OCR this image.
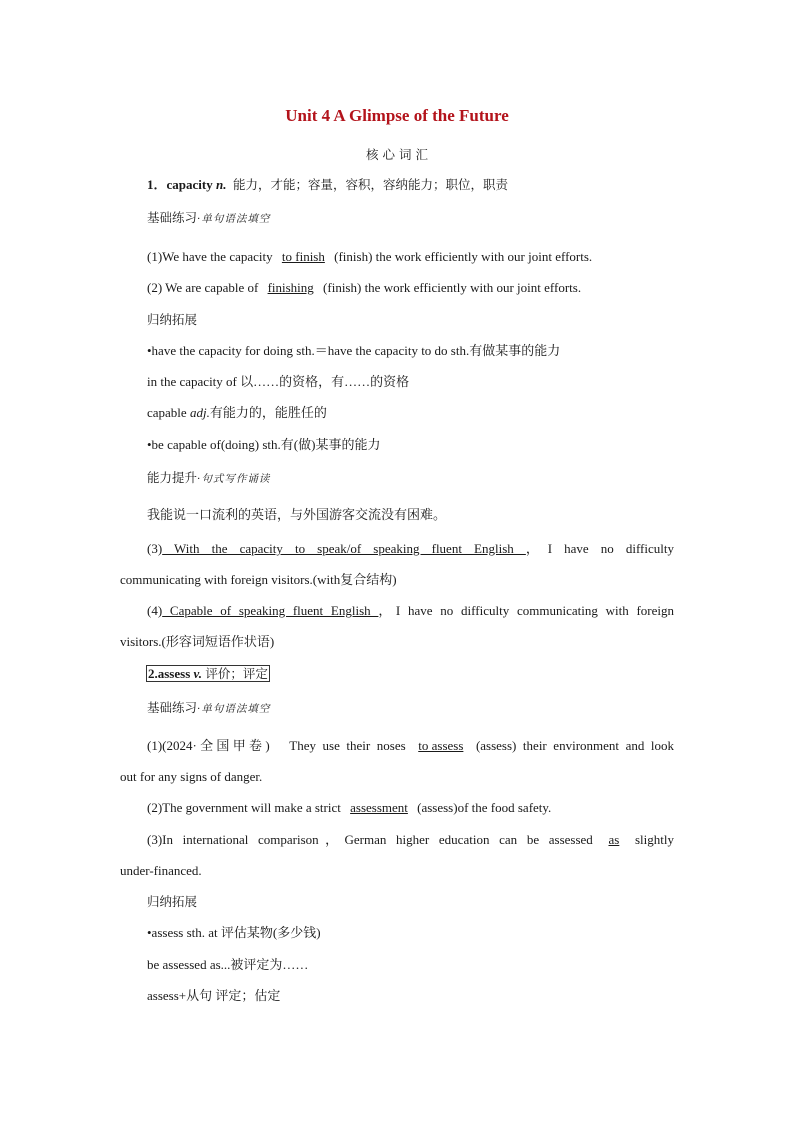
Unit 4 A Glimpse of the Future
核 心 词 汇
1．capacity n. 能力，才能；容量，容积，容纳能力；职位，职责
基础练习·单句语法填空
(1)We have the capacity to finish (finish) the work efficiently with our joint efforts.
(2) We are capable of finishing (finish) the work efficiently with our joint efforts.
归纳拓展
•have the capacity for doing sth.＝have the capacity to do sth.有做某事的能力
in the capacity of 以……的资格，有……的资格
capable adj.有能力的，能胜任的
•be capable of(doing) sth.有(做)某事的能力
能力提升·句式写作诵读
我能说一口流利的英语，与外国游客交流没有困难。
(3) With the capacity to speak/of speaking fluent English ，I have no difficulty
communicating with foreign visitors.(with复合结构)
(4) Capable of speaking fluent English ，I have no difficulty communicating with foreign
visitors.(形容词短语作状语)
2.assess v. 评价；评定
基础练习·单句语法填空
(1)(2024·全国甲卷)　They use their noses to assess (assess) their environment and look
out for any signs of danger.
(2)The government will make a strict assessment (assess)of the food safety.
(3)In international comparison，German higher education can be assessed as slightly
under-financed.
归纳拓展
•assess sth. at 评估某物(多少钱)
be assessed as...被评定为……
assess+从句 评定；估定
